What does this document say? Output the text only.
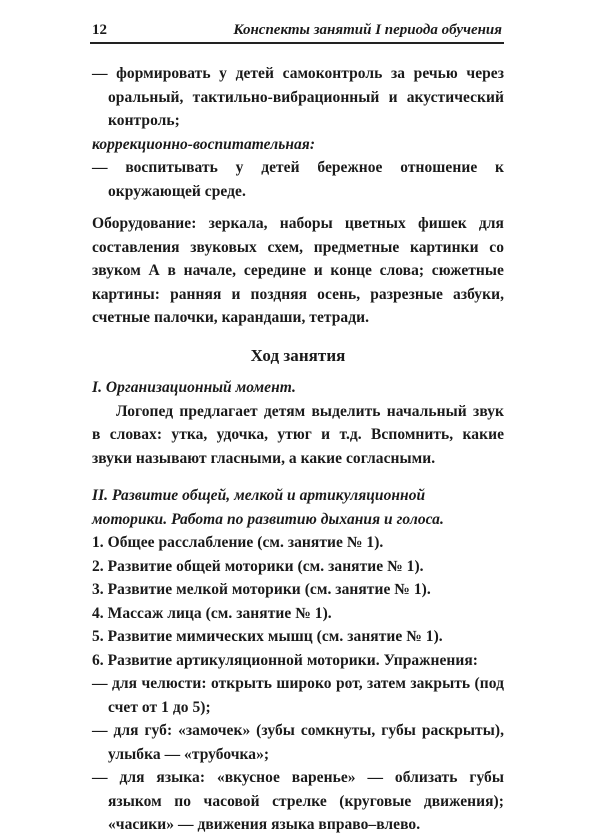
12	Конспекты занятий I периода обучения

— формировать у детей самоконтроль за речью через оральный, тактильно-вибрационный и акустический контроль;

коррекционно-воспитательная:

— воспитывать у детей бережное отношение к окружающей среде.

Оборудование: зеркала, наборы цветных фишек для составления звуковых схем, предметные картинки со звуком А в начале, середине и конце слова; сюжетные картины: ранняя и поздняя осень, разрезные азбуки, счетные палочки, карандаши, тетради.

Ход занятия

I. Организационный момент.

Логопед предлагает детям выделить начальный звук в словах: утка, удочка, утюг и т.д. Вспомнить, какие звуки называют гласными, а какие согласными.

II. Развитие общей, мелкой и артикуляционной

моторики. Работа по развитию дыхания и голоса.

1. Общее расслабление (см. занятие № 1).

2. Развитие общей моторики (см. занятие № 1).

3. Развитие мелкой моторики (см. занятие № 1).

4. Массаж лица (см. занятие № 1).

5. Развитие мимических мышц (см. занятие № 1).

6. Развитие артикуляционной моторики. Упражнения:

— для челюсти: открыть широко рот, затем закрыть (под счет от 1 до 5);

— для губ: «замочек» (зубы сомкнуты, губы раскрыты), улыбка — «трубочка»;

— для языка: «вкусное варенье» — облизать губы языком по часовой стрелке (круговые движения); «часики» — движения языка вправо–влево.
